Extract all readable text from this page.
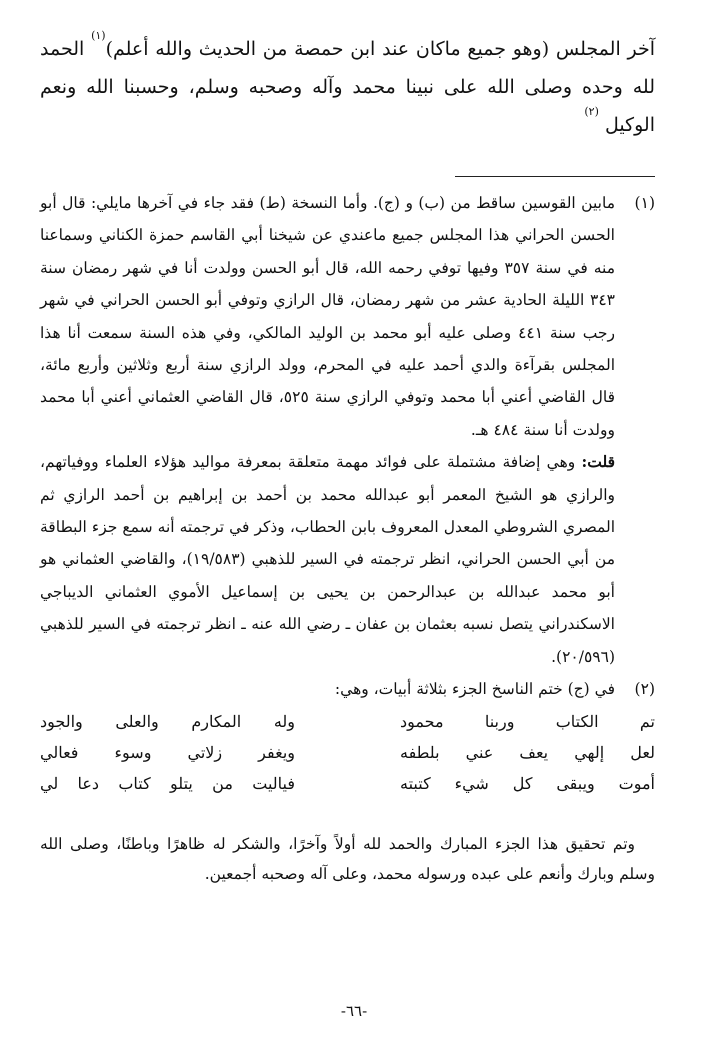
آخر المجلس (وهو جميع ماكان عند ابن حمصة من الحديث والله أعلم)$^{(١)}$ الحمد لله وحده وصلى الله على نبينا محمد وآله وصحبه وسلم، وحسبنا الله ونعم الوكيل $^{(٢)}$

(١)

مابين القوسين ساقط من (ب) و (ج). وأما النسخة (ط) فقد جاء في آخرها مايلي: قال أبو الحسن الحراني هذا المجلس جميع ماعندي عن شيخنا أبي القاسم حمزة الكناني وسماعنا منه في سنة ٣٥٧ وفيها توفي رحمه الله، قال أبو الحسن وولدت أنا في شهر رمضان سنة ٣٤٣ الليلة الحادية عشر من شهر رمضان، قال الرازي وتوفي أبو الحسن الحراني في شهر رجب سنة ٤٤١ وصلى عليه أبو محمد بن الوليد المالكي، وفي هذه السنة سمعت أنا هذا المجلس بقرآءة والدي أحمد عليه في المحرم، وولد الرازي سنة أربع وثلاثين وأربع مائة، قال القاضي أعني أبا محمد وتوفي الرازي سنة ٥٢٥، قال القاضي العثماني أعني أبا محمد وولدت أنا سنة ٤٨٤ هـ.

قلت: وهي إضافة مشتملة على فوائد مهمة متعلقة بمعرفة مواليد هؤلاء العلماء ووفياتهم، والرازي هو الشيخ المعمر أبو عبدالله محمد بن أحمد بن إبراهيم بن أحمد الرازي ثم المصري الشروطي المعدل المعروف بابن الحطاب، وذكر في ترجمته أنه سمع جزء البطاقة من أبي الحسن الحراني، انظر ترجمته في السير للذهبي (١٩/٥٨٣)، والقاضي العثماني هو أبو محمد عبدالله بن عبدالرحمن بن يحيى بن إسماعيل الأموي العثماني الديباجي الاسكندراني يتصل نسبه بعثمان بن عفان ـ رضي الله عنه ـ انظر ترجمته في السير للذهبي (٢٠/٥٩٦).

(٢)

في (ج) ختم الناسخ الجزء بثلاثة أبيات، وهي:

تم الكتاب وربنا محمود
وله المكارم والعلى والجود
لعل إلهي يعف عني بلطفه
ويغفر زلاتي وسوء فعالي
أموت ويبقى كل شيء كتبته
فياليت من يتلو كتاب دعا لي

وتم تحقيق هذا الجزء المبارك والحمد لله أولاً وآخرًا، والشكر له ظاهرًا وباطنًا، وصلى الله وسلم وبارك وأنعم على عبده ورسوله محمد، وعلى آله وصحبه أجمعين.

-٦٦-
